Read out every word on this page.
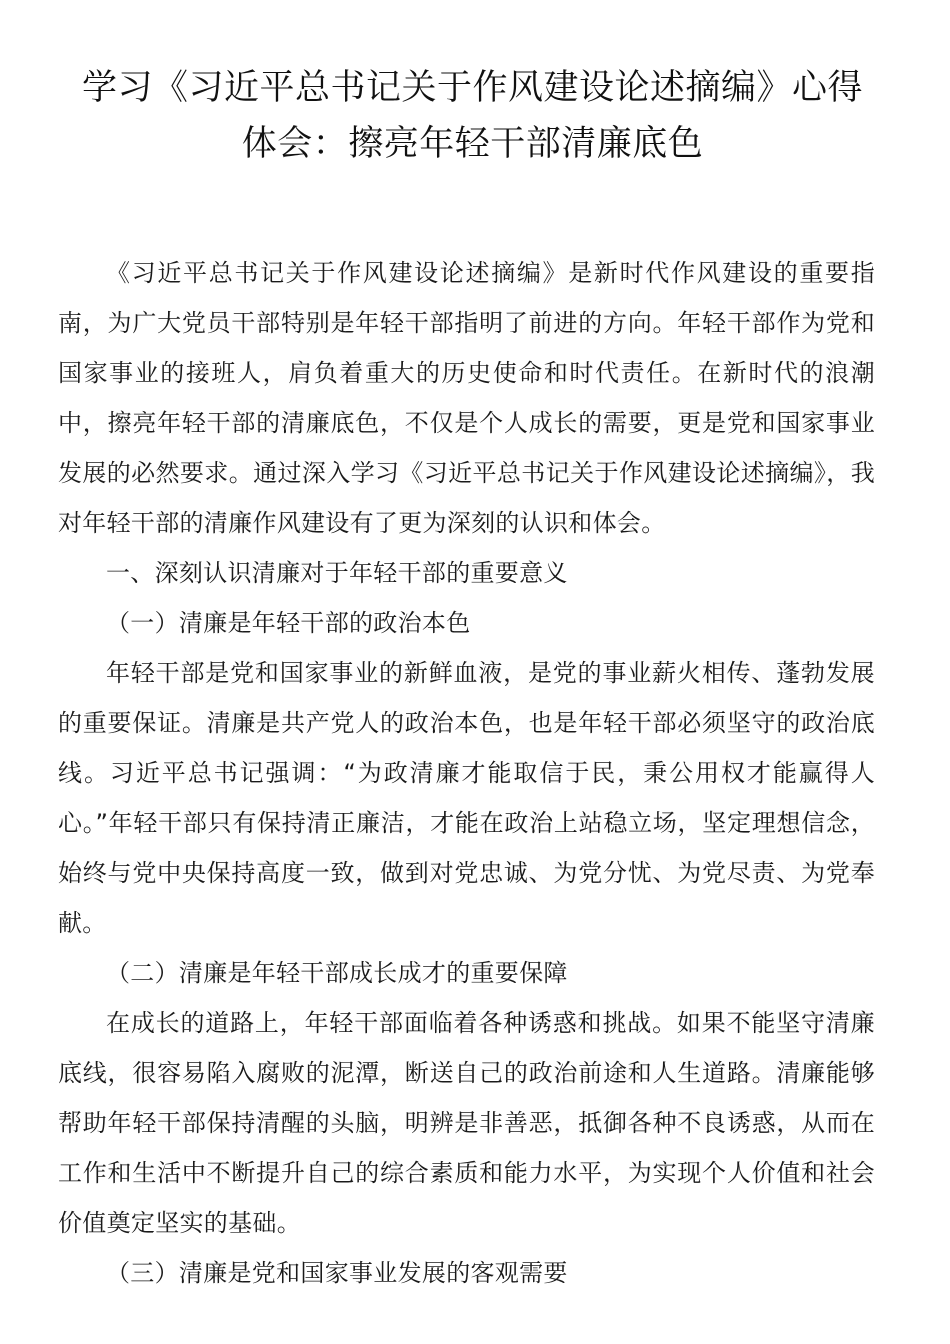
学习《习近平总书记关于作风建设论述摘编》心得体会：擦亮年轻干部清廉底色

《习近平总书记关于作风建设论述摘编》是新时代作风建设的重要指南，为广大党员干部特别是年轻干部指明了前进的方向。年轻干部作为党和国家事业的接班人，肩负着重大的历史使命和时代责任。在新时代的浪潮中，擦亮年轻干部的清廉底色，不仅是个人成长的需要，更是党和国家事业发展的必然要求。通过深入学习《习近平总书记关于作风建设论述摘编》，我对年轻干部的清廉作风建设有了更为深刻的认识和体会。

一、深刻认识清廉对于年轻干部的重要意义

（一）清廉是年轻干部的政治本色

年轻干部是党和国家事业的新鲜血液，是党的事业薪火相传、蓬勃发展的重要保证。清廉是共产党人的政治本色，也是年轻干部必须坚守的政治底线。习近平总书记强调：“为政清廉才能取信于民，秉公用权才能赢得人心。”年轻干部只有保持清正廉洁，才能在政治上站稳立场，坚定理想信念，始终与党中央保持高度一致，做到对党忠诚、为党分忧、为党尽责、为党奉献。

（二）清廉是年轻干部成长成才的重要保障

在成长的道路上，年轻干部面临着各种诱惑和挑战。如果不能坚守清廉底线，很容易陷入腐败的泥潭，断送自己的政治前途和人生道路。清廉能够帮助年轻干部保持清醒的头脑，明辨是非善恶，抵御各种不良诱惑，从而在工作和生活中不断提升自己的综合素质和能力水平，为实现个人价值和社会价值奠定坚实的基础。

（三）清廉是党和国家事业发展的客观需要
